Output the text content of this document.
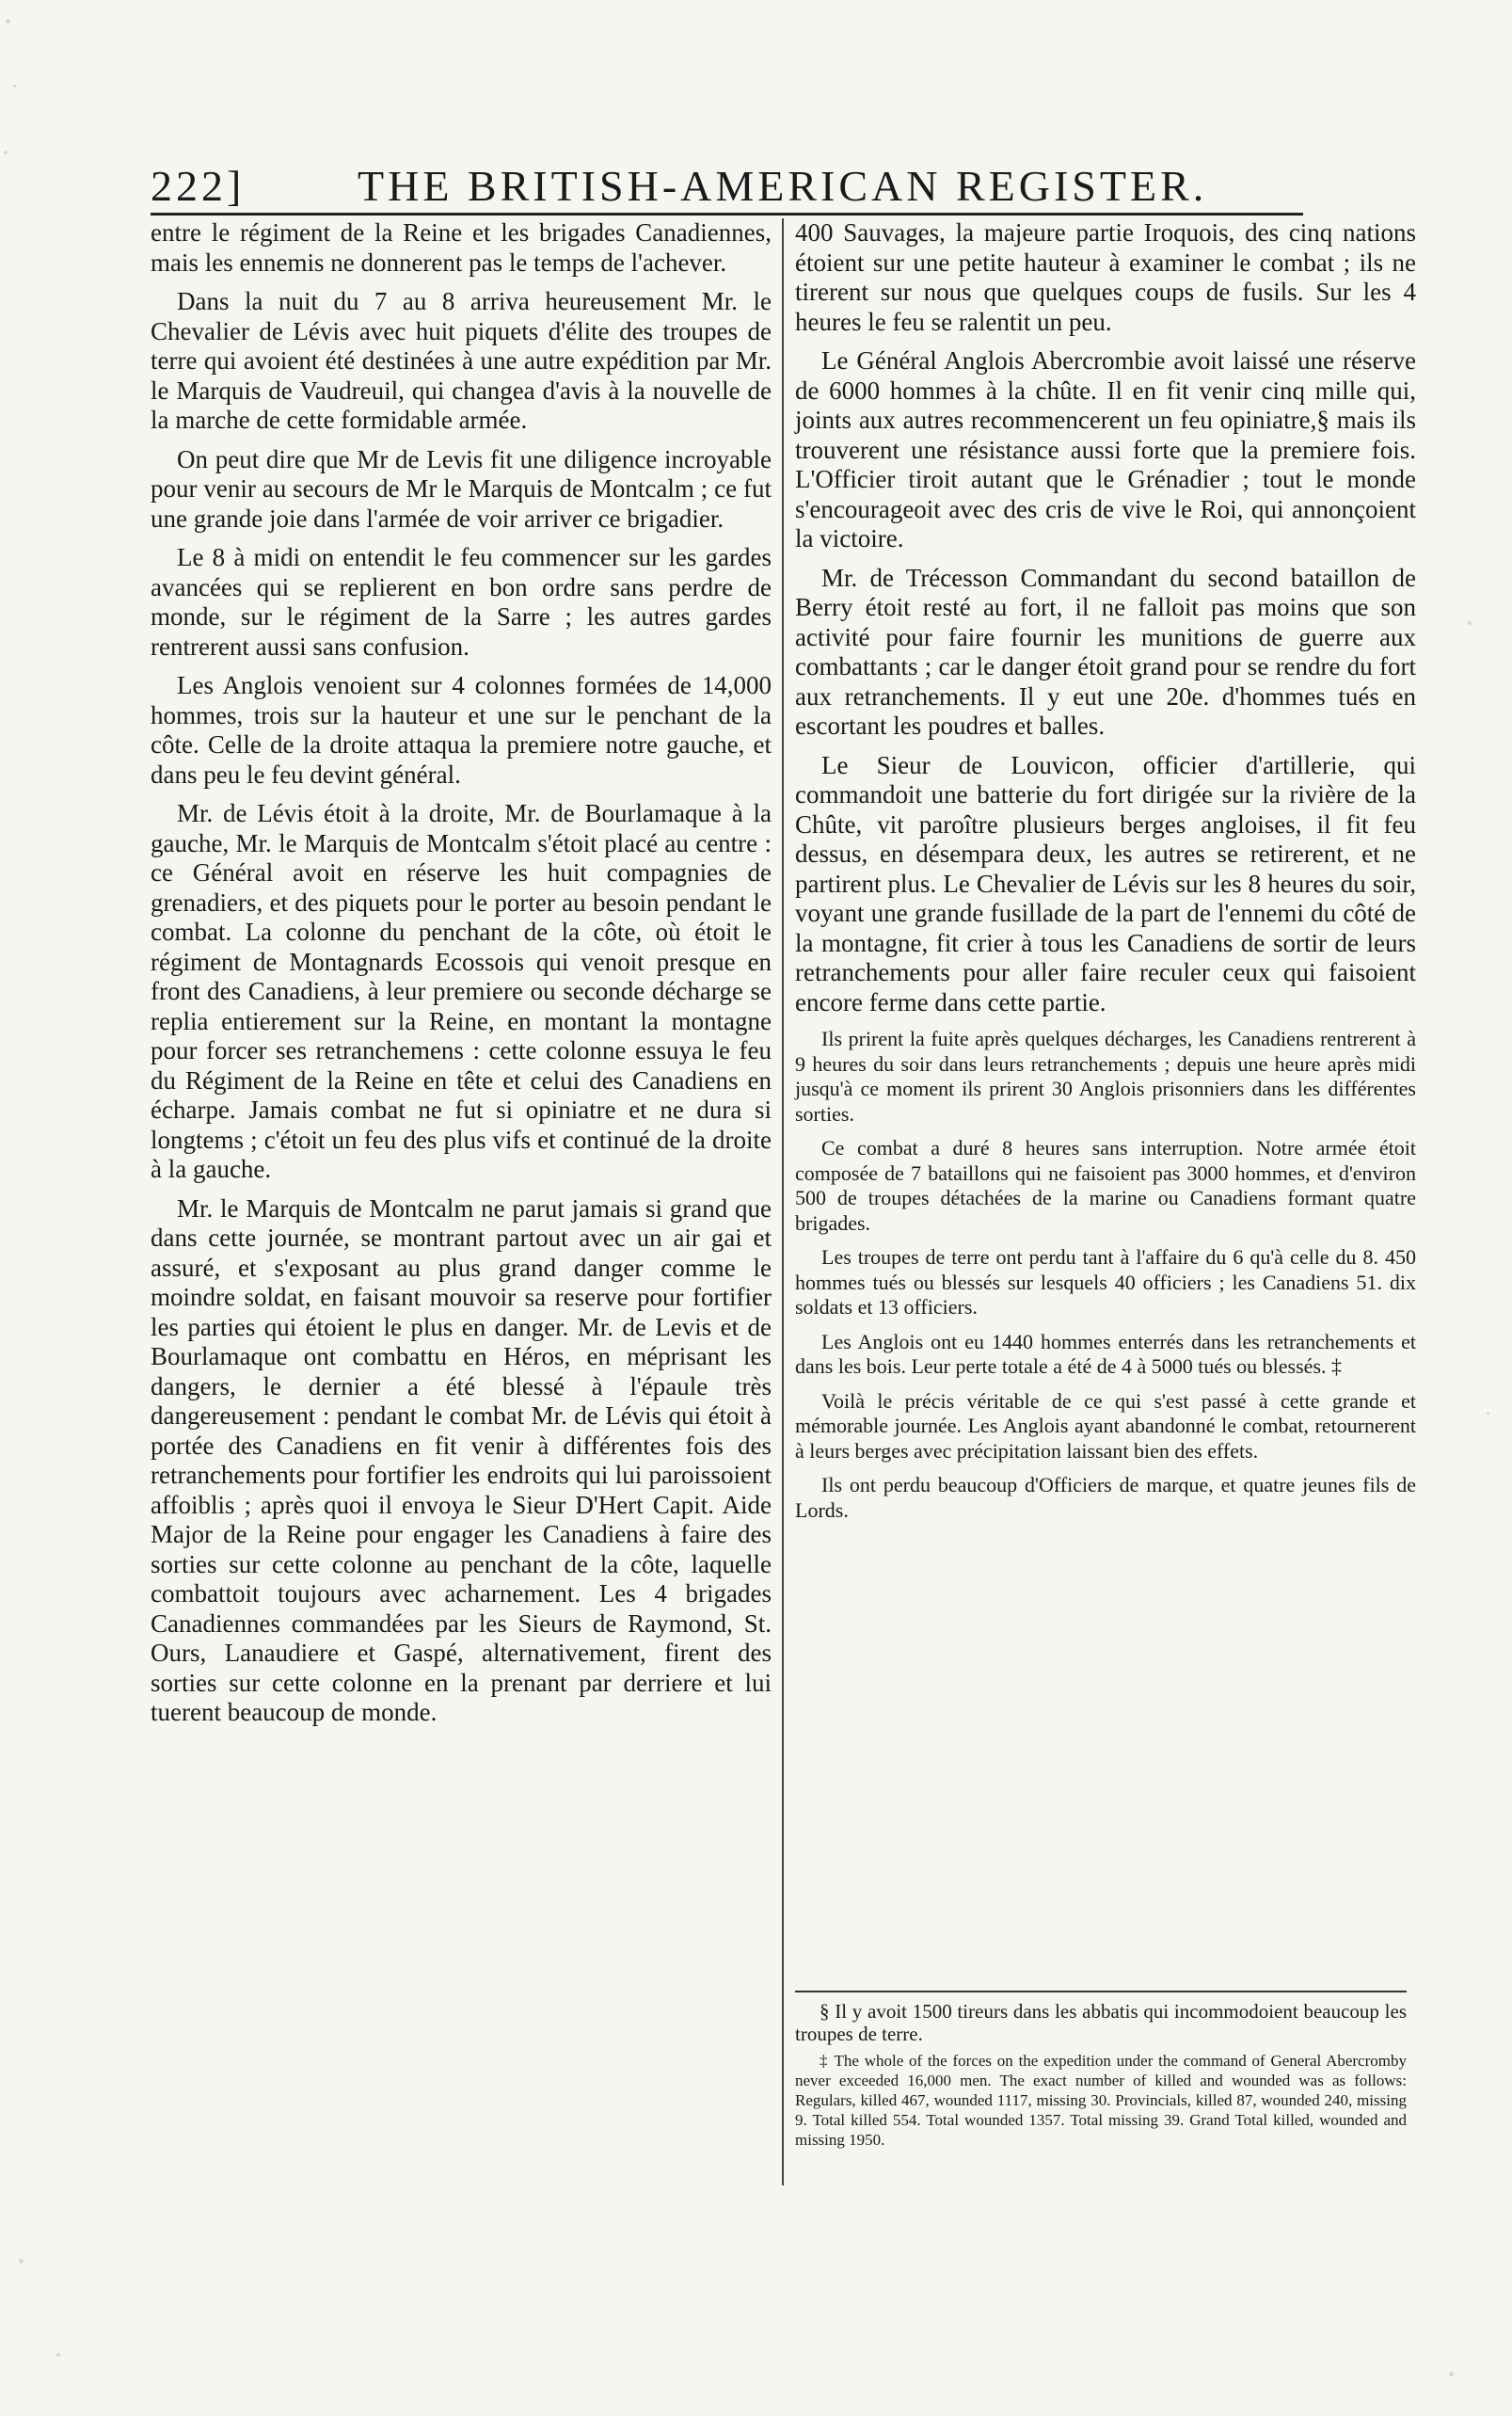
222]	THE BRITISH-AMERICAN REGISTER.

entre le régiment de la Reine et les brigades Canadiennes, mais les ennemis ne donnerent pas le temps de l'achever.

Dans la nuit du 7 au 8 arriva heureusement Mr. le Chevalier de Lévis avec huit piquets d'élite des troupes de terre qui avoient été destinées à une autre expédition par Mr. le Marquis de Vaudreuil, qui changea d'avis à la nouvelle de la marche de cette formidable armée.

On peut dire que Mr de Levis fit une diligence incroyable pour venir au secours de Mr le Marquis de Montcalm ; ce fut une grande joie dans l'armée de voir arriver ce brigadier.

Le 8 à midi on entendit le feu commencer sur les gardes avancées qui se replierent en bon ordre sans perdre de monde, sur le régiment de la Sarre ; les autres gardes rentrerent aussi sans confusion.

Les Anglois venoient sur 4 colonnes formées de 14,000 hommes, trois sur la hauteur et une sur le penchant de la côte. Celle de la droite attaqua la premiere notre gauche, et dans peu le feu devint général.

Mr. de Lévis étoit à la droite, Mr. de Bourlamaque à la gauche, Mr. le Marquis de Montcalm s'étoit placé au centre : ce Général avoit en réserve les huit compagnies de grenadiers, et des piquets pour le porter au besoin pendant le combat. La colonne du penchant de la côte, où étoit le régiment de Montagnards Ecossois qui venoit presque en front des Canadiens, à leur premiere ou seconde décharge se replia entierement sur la Reine, en montant la montagne pour forcer ses retranchemens : cette colonne essuya le feu du Régiment de la Reine en tête et celui des Canadiens en écharpe. Jamais combat ne fut si opiniatre et ne dura si longtems ; c'étoit un feu des plus vifs et continué de la droite à la gauche.

Mr. le Marquis de Montcalm ne parut jamais si grand que dans cette journée, se montrant partout avec un air gai et assuré, et s'exposant au plus grand danger comme le moindre soldat, en faisant mouvoir sa reserve pour fortifier les parties qui étoient le plus en danger. Mr. de Levis et de Bourlamaque ont combattu en Héros, en méprisant les dangers, le dernier a été blessé à l'épaule très dangereusement : pendant le combat Mr. de Lévis qui étoit à portée des Canadiens en fit venir à différentes fois des retranchements pour fortifier les endroits qui lui paroissoient affoiblis ; après quoi il envoya le Sieur D'Hert Capit. Aide Major de la Reine pour engager les Canadiens à faire des sorties sur cette colonne au penchant de la côte, laquelle combattoit toujours avec acharnement. Les 4 brigades Canadiennes commandées par les Sieurs de Raymond, St. Ours, Lanaudiere et Gaspé, alternativement, firent des sorties sur cette colonne en la prenant par derriere et lui tuerent beaucoup de monde.

400 Sauvages, la majeure partie Iroquois, des cinq nations étoient sur une petite hauteur à examiner le combat ; ils ne tirerent sur nous que quelques coups de fusils. Sur les 4 heures le feu se ralentit un peu.

Le Général Anglois Abercrombie avoit laissé une réserve de 6000 hommes à la chûte. Il en fit venir cinq mille qui, joints aux autres recommencerent un feu opiniatre,§ mais ils trouverent une résistance aussi forte que la premiere fois. L'Officier tiroit autant que le Grénadier ; tout le monde s'encourageoit avec des cris de vive le Roi, qui annonçoient la victoire.

Mr. de Trécesson Commandant du second bataillon de Berry étoit resté au fort, il ne falloit pas moins que son activité pour faire fournir les munitions de guerre aux combattants ; car le danger étoit grand pour se rendre du fort aux retranchements. Il y eut une 20e. d'hommes tués en escortant les poudres et balles.

Le Sieur de Louvicon, officier d'artillerie, qui commandoit une batterie du fort dirigée sur la rivière de la Chûte, vit paroître plusieurs berges angloises, il fit feu dessus, en désempara deux, les autres se retirerent, et ne partirent plus. Le Chevalier de Lévis sur les 8 heures du soir, voyant une grande fusillade de la part de l'ennemi du côté de la montagne, fit crier à tous les Canadiens de sortir de leurs retranchements pour aller faire reculer ceux qui faisoient encore ferme dans cette partie.

Ils prirent la fuite après quelques décharges, les Canadiens rentrerent à 9 heures du soir dans leurs retranchements ; depuis une heure après midi jusqu'à ce moment ils prirent 30 Anglois prisonniers dans les différentes sorties.

Ce combat a duré 8 heures sans interruption. Notre armée étoit composée de 7 bataillons qui ne faisoient pas 3000 hommes, et d'environ 500 de troupes détachées de la marine ou Canadiens formant quatre brigades.

Les troupes de terre ont perdu tant à l'affaire du 6 qu'à celle du 8. 450 hommes tués ou blessés sur lesquels 40 officiers ; les Canadiens 51. dix soldats et 13 officiers.

Les Anglois ont eu 1440 hommes enterrés dans les retranchements et dans les bois. Leur perte totale a été de 4 à 5000 tués ou blessés. ‡

Voilà le précis véritable de ce qui s'est passé à cette grande et mémorable journée. Les Anglois ayant abandonné le combat, retournerent à leurs berges avec précipitation laissant bien des effets.

Ils ont perdu beaucoup d'Officiers de marque, et quatre jeunes fils de Lords.

§ Il y avoit 1500 tireurs dans les abbatis qui incommodoient beaucoup les troupes de terre.

‡ The whole of the forces on the expedition under the command of General Abercromby never exceeded 16,000 men. The exact number of killed and wounded was as follows: Regulars, killed 467, wounded 1117, missing 30. Provincials, killed 87, wounded 240, missing 9. Total killed 554. Total wounded 1357. Total missing 39. Grand Total killed, wounded and missing 1950.
